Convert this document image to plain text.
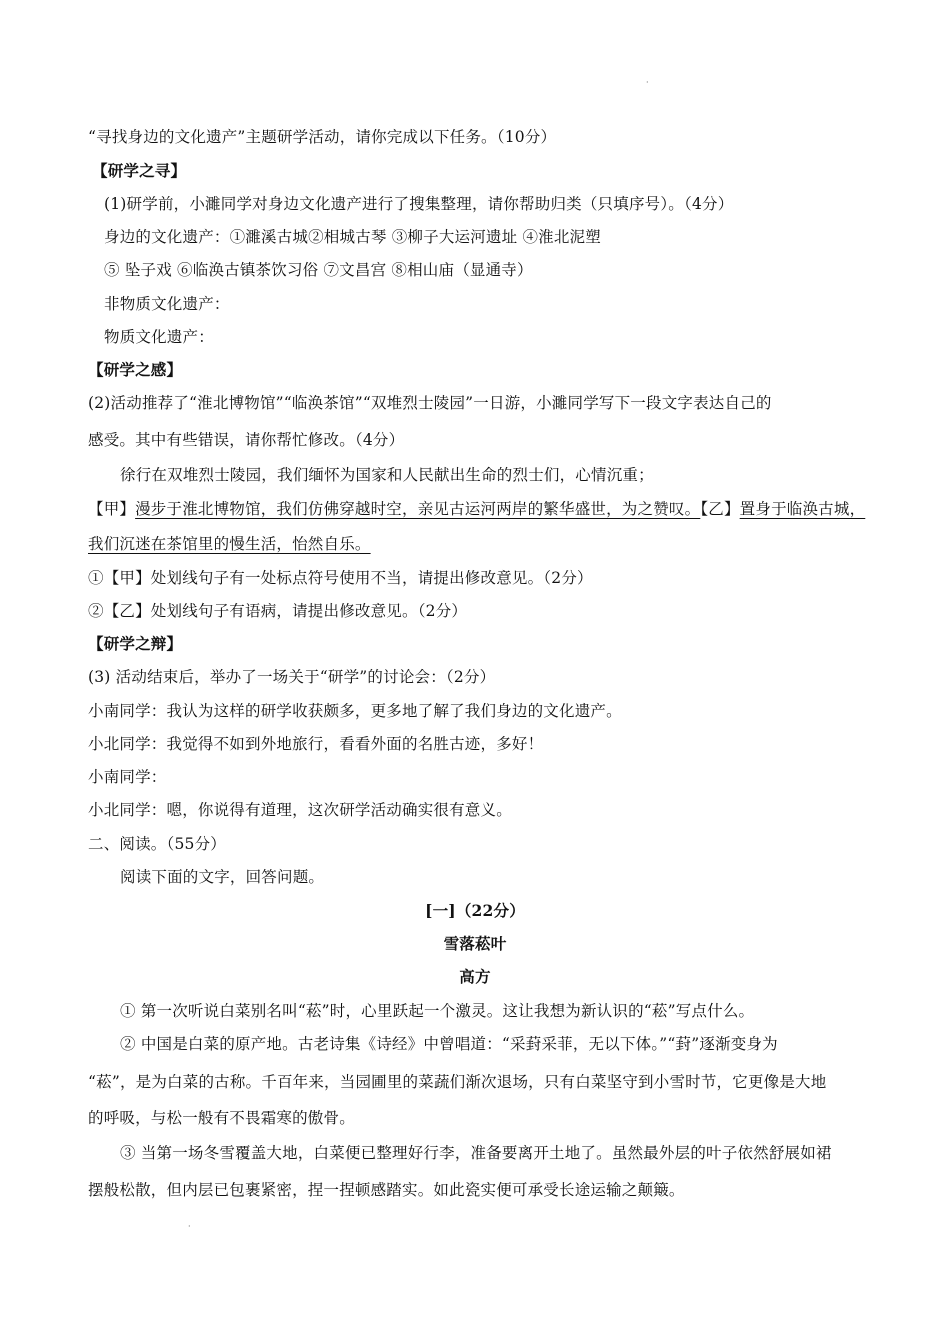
·
“寻找身边的文化遗产”主题研学活动，请你完成以下任务。（10分）
【研学之寻】
(1)研学前，小濉同学对身边文化遗产进行了搜集整理，请你帮助归类（只填序号）。（4分）
身边的文化遗产：①濉溪古城②相城古琴 ③柳子大运河遗址 ④淮北泥塑
⑤ 坠子戏 ⑥临涣古镇茶饮习俗 ⑦文昌宫 ⑧相山庙（显通寺）
非物质文化遗产：
物质文化遗产：
【研学之感】
(2)活动推荐了“淮北博物馆”“临涣茶馆”“双堆烈士陵园”一日游，小濉同学写下一段文字表达自己的
感受。其中有些错误，请你帮忙修改。（4分）
徐行在双堆烈士陵园，我们缅怀为国家和人民献出生命的烈士们，心情沉重；
【甲】漫步于淮北博物馆，我们仿佛穿越时空，亲见古运河两岸的繁华盛世，为之赞叹。【乙】置身于临涣古城，
我们沉迷在茶馆里的慢生活，怡然自乐。
①【甲】处划线句子有一处标点符号使用不当，请提出修改意见。（2分）
②【乙】处划线句子有语病，请提出修改意见。（2分）
【研学之辩】
(3) 活动结束后，举办了一场关于“研学”的讨论会：（2分）
小南同学：我认为这样的研学收获颇多，更多地了解了我们身边的文化遗产。
小北同学：我觉得不如到外地旅行，看看外面的名胜古迹，多好！
小南同学：
小北同学：嗯，你说得有道理，这次研学活动确实很有意义。
二、阅读。（55分）
阅读下面的文字，回答问题。
[一]（22分）
雪落菘叶
高方
① 第一次听说白菜别名叫“菘”时，心里跃起一个激灵。这让我想为新认识的“菘”写点什么。
② 中国是白菜的原产地。古老诗集《诗经》中曾唱道：“采葑采菲，无以下体。”“葑”逐渐变身为
“菘”，是为白菜的古称。千百年来，当园圃里的菜蔬们渐次退场，只有白菜坚守到小雪时节，它更像是大地
的呼吸，与松一般有不畏霜寒的傲骨。
③ 当第一场冬雪覆盖大地，白菜便已整理好行李，准备要离开土地了。虽然最外层的叶子依然舒展如裙
摆般松散，但内层已包裹紧密，捏一捏顿感踏实。如此瓷实便可承受长途运输之颠簸。
·
